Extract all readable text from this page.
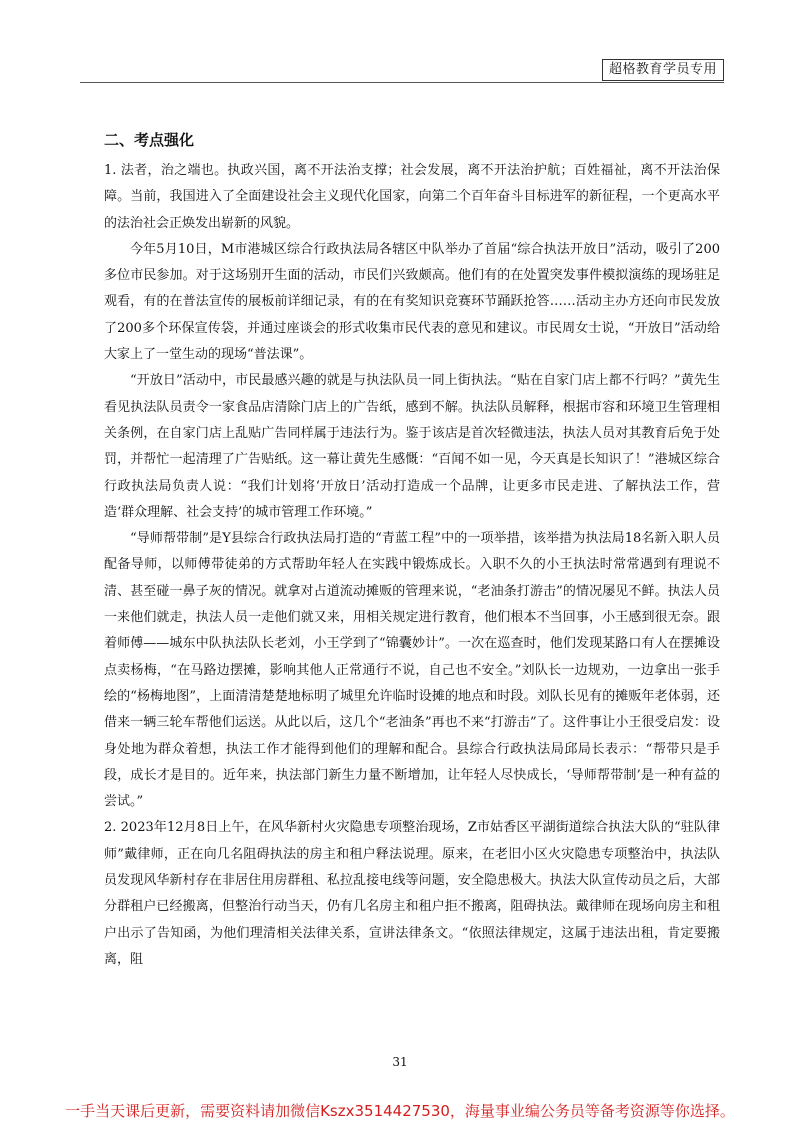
超格教育学员专用
二、考点强化

1. 法者，治之端也。执政兴国，离不开法治支撑；社会发展，离不开法治护航；百姓福祉，离不开法治保障。当前，我国进入了全面建设社会主义现代化国家，向第二个百年奋斗目标进军的新征程，一个更高水平的法治社会正焕发出崭新的风貌。

今年5月10日，M市港城区综合行政执法局各辖区中队举办了首届“综合执法开放日”活动，吸引了200多位市民参加。对于这场别开生面的活动，市民们兴致颇高。他们有的在处置突发事件模拟演练的现场驻足观看，有的在普法宣传的展板前详细记录，有的在有奖知识竞赛环节踊跃抢答……活动主办方还向市民发放了200多个环保宣传袋，并通过座谈会的形式收集市民代表的意见和建议。市民周女士说，“开放日”活动给大家上了一堂生动的现场“普法课”。

“开放日”活动中，市民最感兴趣的就是与执法队员一同上街执法。“贴在自家门店上都不行吗？”黄先生看见执法队员责令一家食品店清除门店上的广告纸，感到不解。执法队员解释，根据市容和环境卫生管理相关条例，在自家门店上乱贴广告同样属于违法行为。鉴于该店是首次轻微违法，执法人员对其教育后免于处罚，并帮忙一起清理了广告贴纸。这一幕让黄先生感慨：“百闻不如一见，今天真是长知识了！”港城区综合行政执法局负责人说：“我们计划将‘开放日’活动打造成一个品牌，让更多市民走进、了解执法工作，营造‘群众理解、社会支持’的城市管理工作环境。”

“导师帮带制”是Y县综合行政执法局打造的“青蓝工程”中的一项举措，该举措为执法局18名新入职人员配备导师，以师傅带徒弟的方式帮助年轻人在实践中锻炼成长。入职不久的小王执法时常常遇到有理说不清、甚至碰一鼻子灰的情况。就拿对占道流动摊贩的管理来说，“老油条打游击”的情况屡见不鲜。执法人员一来他们就走，执法人员一走他们就又来，用相关规定进行教育，他们根本不当回事，小王感到很无奈。跟着师傅——城东中队执法队长老刘，小王学到了“锦囊妙计”。一次在巡查时，他们发现某路口有人在摆摊设点卖杨梅，“在马路边摆摊，影响其他人正常通行不说，自己也不安全。”刘队长一边规劝，一边拿出一张手绘的“杨梅地图”，上面清清楚楚地标明了城里允许临时设摊的地点和时段。刘队长见有的摊贩年老体弱，还借来一辆三轮车帮他们运送。从此以后，这几个“老油条”再也不来“打游击”了。这件事让小王很受启发：设身处地为群众着想，执法工作才能得到他们的理解和配合。县综合行政执法局邱局长表示：“帮带只是手段，成长才是目的。近年来，执法部门新生力量不断增加，让年轻人尽快成长，‘导师帮带制’是一种有益的尝试。”

2. 2023年12月8日上午，在风华新村火灾隐患专项整治现场，Z市姑香区平湖街道综合执法大队的“驻队律师”戴律师，正在向几名阻碍执法的房主和租户释法说理。原来，在老旧小区火灾隐患专项整治中，执法队员发现风华新村存在非居住用房群租、私拉乱接电线等问题，安全隐患极大。执法大队宣传动员之后，大部分群租户已经搬离，但整治行动当天，仍有几名房主和租户拒不搬离，阻碍执法。戴律师在现场向房主和租户出示了告知函，为他们理清相关法律关系，宣讲法律条文。“依照法律规定，这属于违法出租，肯定要搬离，阻

31
一手当天课后更新，需要资料请加微信Kszx3514427530，海量事业编公务员等备考资源等你选择。
